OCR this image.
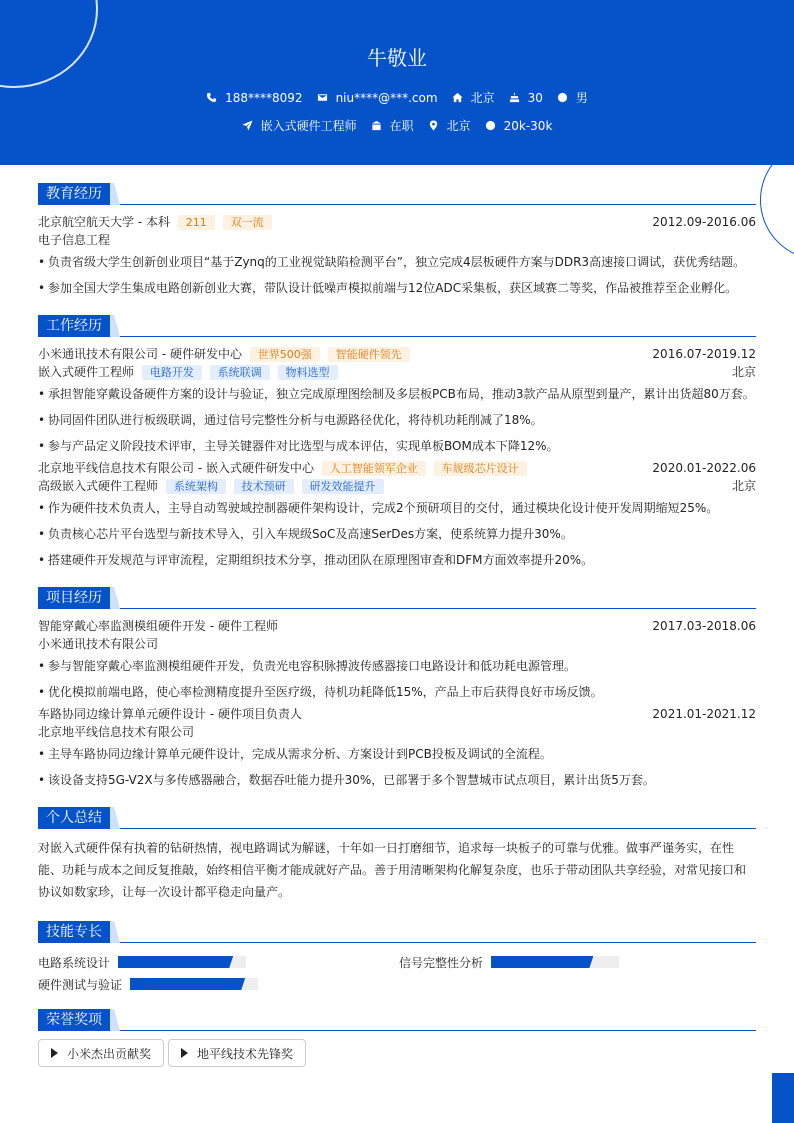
牛敬业
188****8092	niu****@***.com	北京	30	男
嵌入式硬件工程师	在职	北京	20k-30k
教育经历
北京航空航天大学 - 本科 211 双一流	2012.09-2016.06
电子信息工程
• 负责省级大学生创新创业项目“基于Zynq的工业视觉缺陷检测平台”，独立完成4层板硬件方案与DDR3高速接口调试，获优秀结题。
• 参加全国大学生集成电路创新创业大赛，带队设计低噪声模拟前端与12位ADC采集板，获区域赛二等奖，作品被推荐至企业孵化。
工作经历
小米通讯技术有限公司 - 硬件研发中心 世界500强 智能硬件领先	2016.07-2019.12
嵌入式硬件工程师 电路开发 系统联调 物料选型	北京
• 承担智能穿戴设备硬件方案的设计与验证，独立完成原理图绘制及多层板PCB布局，推动3款产品从原型到量产，累计出货超80万套。
• 协同固件团队进行板级联调，通过信号完整性分析与电源路径优化，将待机功耗削减了18%。
• 参与产品定义阶段技术评审，主导关键器件对比选型与成本评估，实现单板BOM成本下降12%。
北京地平线信息技术有限公司 - 嵌入式硬件研发中心 人工智能领军企业 车规级芯片设计	2020.01-2022.06
高级嵌入式硬件工程师 系统架构 技术预研 研发效能提升	北京
• 作为硬件技术负责人，主导自动驾驶域控制器硬件架构设计，完成2个预研项目的交付，通过模块化设计使开发周期缩短25%。
• 负责核心芯片平台选型与新技术导入，引入车规级SoC及高速SerDes方案，使系统算力提升30%。
• 搭建硬件开发规范与评审流程，定期组织技术分享，推动团队在原理图审查和DFM方面效率提升20%。
项目经历
智能穿戴心率监测模组硬件开发 - 硬件工程师	2017.03-2018.06
小米通讯技术有限公司
• 参与智能穿戴心率监测模组硬件开发，负责光电容积脉搏波传感器接口电路设计和低功耗电源管理。
• 优化模拟前端电路，使心率检测精度提升至医疗级，待机功耗降低15%，产品上市后获得良好市场反馈。
车路协同边缘计算单元硬件设计 - 硬件项目负责人	2021.01-2021.12
北京地平线信息技术有限公司
• 主导车路协同边缘计算单元硬件设计，完成从需求分析、方案设计到PCB投板及调试的全流程。
• 该设备支持5G-V2X与多传感器融合，数据吞吐能力提升30%，已部署于多个智慧城市试点项目，累计出货5万套。
个人总结
对嵌入式硬件保有执着的钻研热情，视电路调试为解谜，十年如一日打磨细节，追求每一块板子的可靠与优雅。做事严谨务实，在性能、功耗与成本之间反复推敲，始终相信平衡才能成就好产品。善于用清晰架构化解复杂度，也乐于带动团队共享经验，对常见接口和协议如数家珍，让每一次设计都平稳走向量产。
技能专长
电路系统设计	信号完整性分析
硬件测试与验证
荣誉奖项
小米杰出贡献奖	地平线技术先锋奖
